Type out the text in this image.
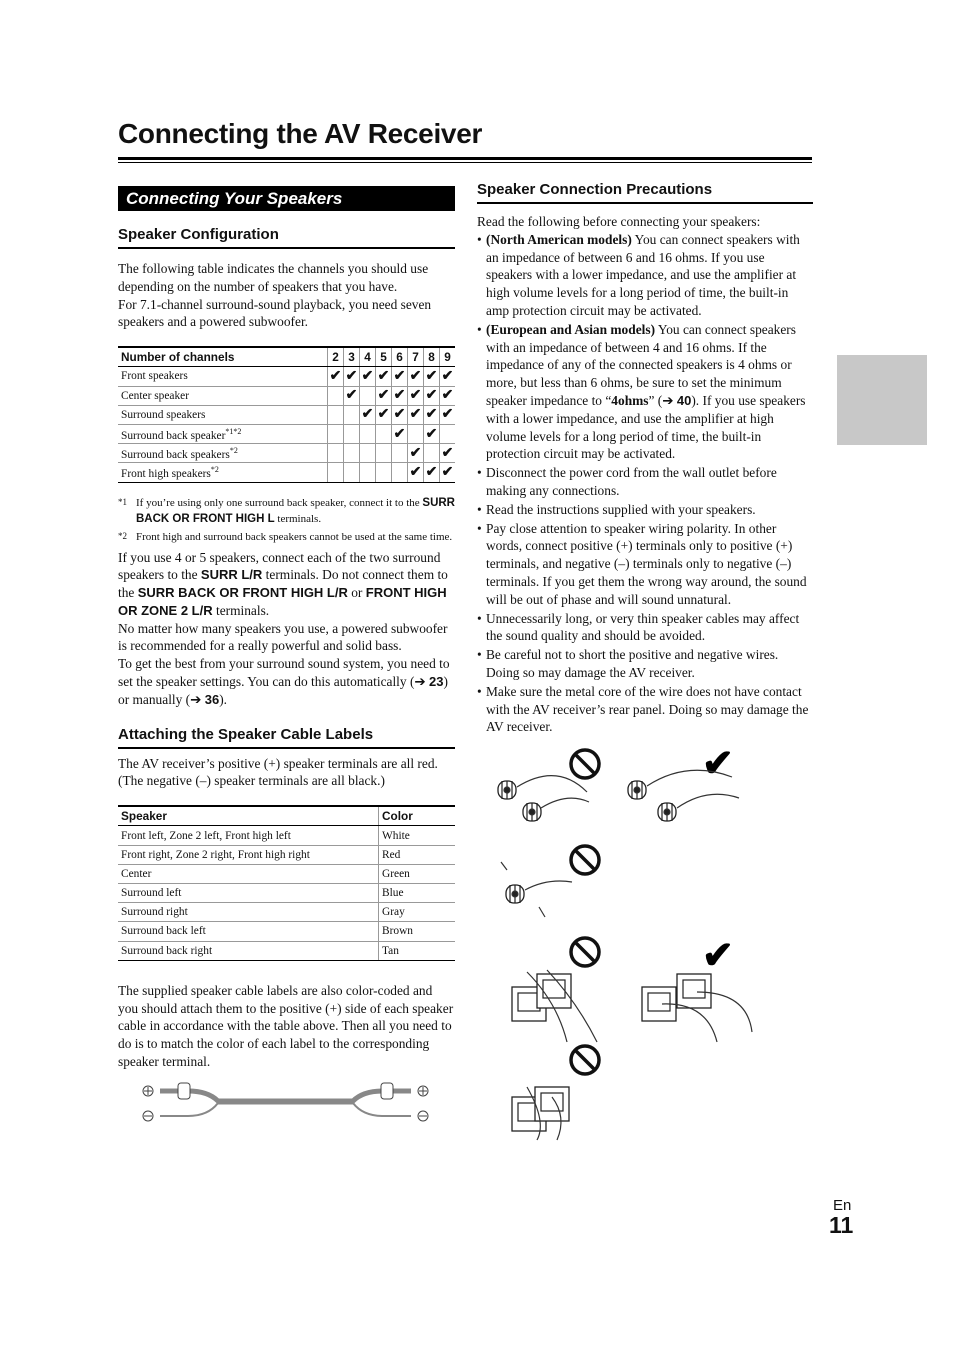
Connecting the AV Receiver
Connecting Your Speakers
Speaker Configuration

The following table indicates the channels you should use depending on the number of speakers that you have.

For 7.1-channel surround-sound playback, you need seven speakers and a powered subwoofer.

Number of channels	2	3	4	5	6	7	8	9
Front speakers	✔	✔	✔	✔	✔	✔	✔	✔
Center speaker		✔		✔	✔	✔	✔	✔
Surround speakers			✔	✔	✔	✔	✔	✔
Surround back speaker$^{*1*2}$					✔		✔	
Surround back speakers$^{*2}$						✔		✔
Front high speakers$^{*2}$						✔	✔	✔
*1 If you’re using only one surround back speaker, connect it to the SURR BACK OR FRONT HIGH L terminals.
*2 Front high and surround back speakers cannot be used at the same time.

If you use 4 or 5 speakers, connect each of the two surround speakers to the SURR L/R terminals. Do not connect them to the SURR BACK OR FRONT HIGH L/R or FRONT HIGH OR ZONE 2 L/R terminals.

No matter how many speakers you use, a powered subwoofer is recommended for a really powerful and solid bass.

To get the best from your surround sound system, you need to set the speaker settings. You can do this automatically (➔ 23) or manually (➔ 36).

Attaching the Speaker Cable Labels

The AV receiver’s positive (+) speaker terminals are all red. (The negative (–) speaker terminals are all black.)

Speaker	Color
Front left, Zone 2 left, Front high left	White
Front right, Zone 2 right, Front high right	Red
Center	Green
Surround left	Blue
Surround right	Gray
Surround back left	Brown
Surround back right	Tan

The supplied speaker cable labels are also color-coded and you should attach them to the positive (+) side of each speaker cable in accordance with the table above. Then all you need to do is to match the color of each label to the corresponding speaker terminal.

Speaker Connection Precautions

Read the following before connecting your speakers:

• (North American models) You can connect speakers with an impedance of between 6 and 16 ohms. If you use speakers with a lower impedance, and use the amplifier at high volume levels for a long period of time, the built-in amp protection circuit may be activated.
• (European and Asian models) You can connect speakers with an impedance of between 4 and 16 ohms. If the impedance of any of the connected speakers is 4 ohms or more, but less than 6 ohms, be sure to set the minimum speaker impedance to “4ohms” (➔ 40). If you use speakers with a lower impedance, and use the amplifier at high volume levels for a long period of time, the built-in protection circuit may be activated.
• Disconnect the power cord from the wall outlet before making any connections.
• Read the instructions supplied with your speakers.
• Pay close attention to speaker wiring polarity. In other words, connect positive (+) terminals only to positive (+) terminals, and negative (–) terminals only to negative (–) terminals. If you get them the wrong way around, the sound will be out of phase and will sound unnatural.
• Unnecessarily long, or very thin speaker cables may affect the sound quality and should be avoided.
• Be careful not to short the positive and negative wires. Doing so may damage the AV receiver.
• Make sure the metal core of the wire does not have contact with the AV receiver’s rear panel. Doing so may damage the AV receiver.
✔
✔
En
11
